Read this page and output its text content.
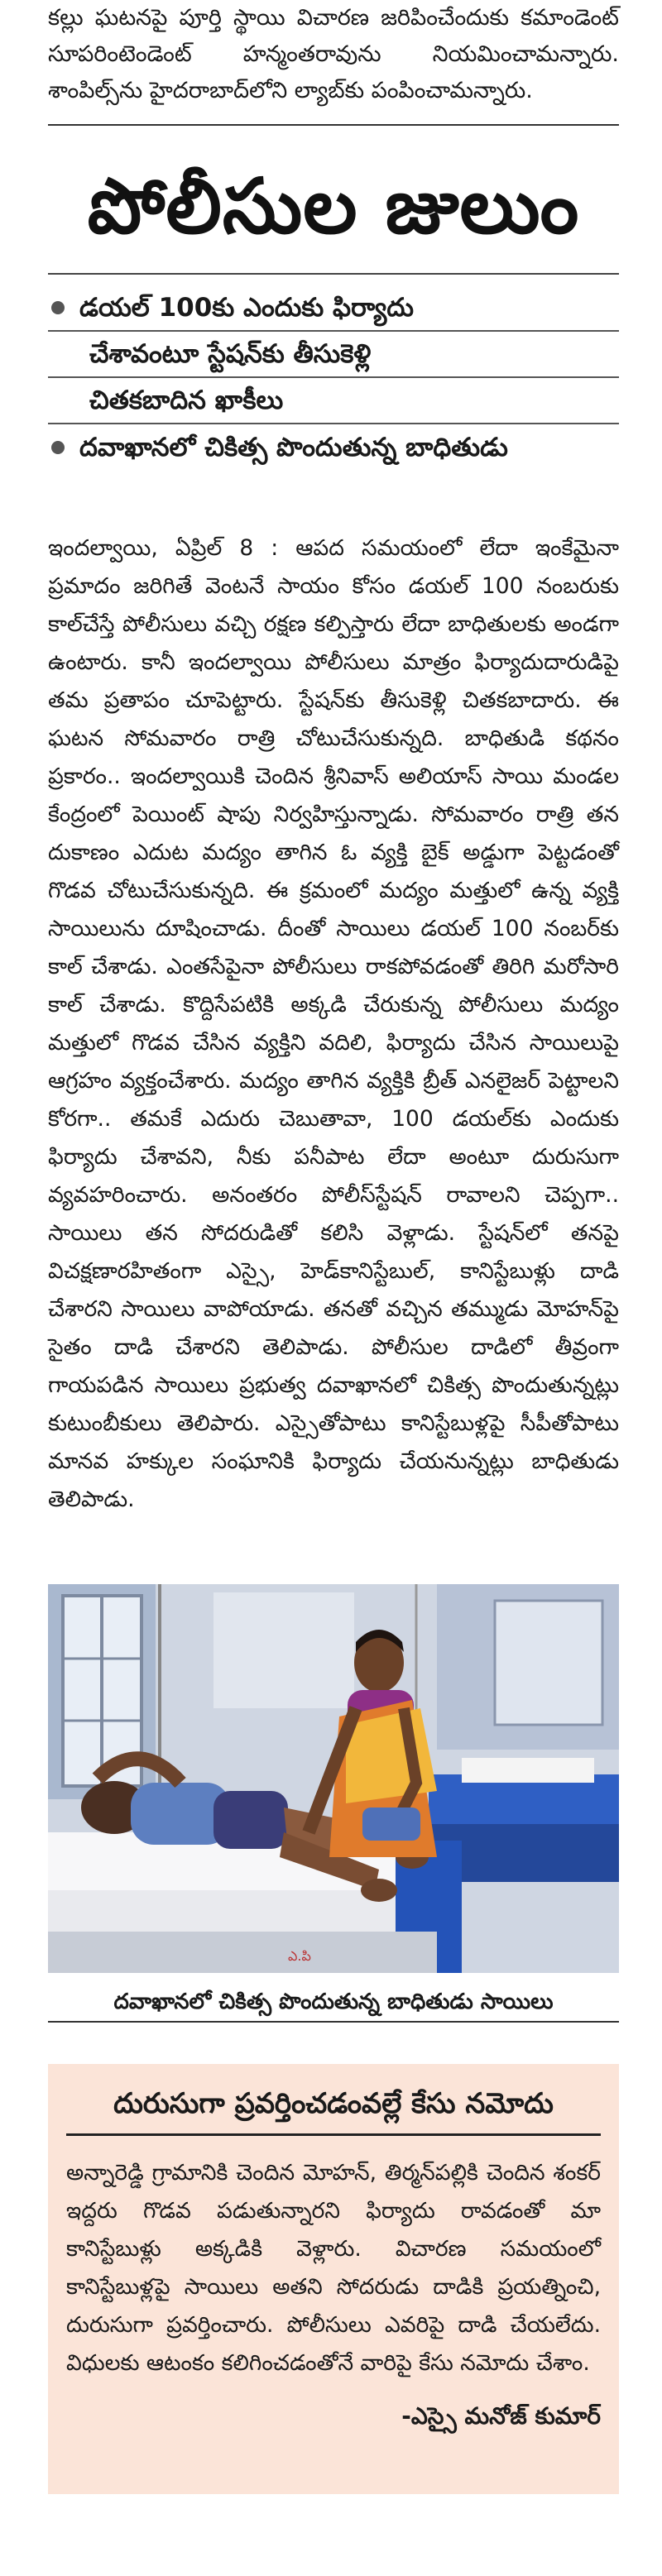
కల్లు ఘటనపై పూర్తి స్థాయి విచారణ జరిపించేందుకు కమాండెంట్ సూపరింటెండెంట్ హన్మంతరావును నియమించామన్నారు. శాంపిల్స్‌ను హైదరాబాద్‌లోని ల్యాబ్‌కు పంపించామన్నారు.
పోలీసుల జులుం
డయల్ 100కు ఎందుకు ఫిర్యాదు
చేశావంటూ స్టేషన్‌కు తీసుకెళ్లి
చితకబాదిన ఖాకీలు
దవాఖానలో చికిత్స పొందుతున్న బాధితుడు

ఇందల్వాయి, ఏప్రిల్ 8 : ఆపద సమయంలో లేదా ఇంకేమైనా ప్రమాదం జరిగితే వెంటనే సాయం కోసం డయల్ 100 నంబరుకు కాల్‌చేస్తే పోలీసులు వచ్చి రక్షణ కల్పిస్తారు లేదా బాధితులకు అండగా ఉంటారు. కానీ ఇందల్వాయి పోలీసులు మాత్రం ఫిర్యాదుదారుడిపై తమ ప్రతాపం చూపెట్టారు. స్టేషన్‌కు తీసుకెళ్లి చితకబాదారు. ఈ ఘటన సోమవారం రాత్రి చోటుచేసుకున్నది. బాధితుడి కథనం ప్రకారం.. ఇందల్వాయికి చెందిన శ్రీనివాస్ అలియాస్ సాయి మండల కేంద్రంలో పెయింట్ షాపు నిర్వహిస్తున్నాడు. సోమవారం రాత్రి తన దుకాణం ఎదుట మద్యం తాగిన ఓ వ్యక్తి బైక్ అడ్డుగా పెట్టడంతో గొడవ చోటుచేసుకున్నది. ఈ క్రమంలో మద్యం మత్తులో ఉన్న వ్యక్తి సాయిలును దూషించాడు. దీంతో సాయిలు డయల్ 100 నంబర్‌కు కాల్ చేశాడు. ఎంతసేపైనా పోలీసులు రాకపోవడంతో తిరిగి మరోసారి కాల్ చేశాడు. కొద్దిసేపటికి అక్కడి చేరుకున్న పోలీసులు మద్యం మత్తులో గొడవ చేసిన వ్యక్తిని వదిలి, ఫిర్యాదు చేసిన సాయిలుపై ఆగ్రహం వ్యక్తంచేశారు. మద్యం తాగిన వ్యక్తికి బ్రీత్ ఎనలైజర్ పెట్టాలని కోరగా.. తమకే ఎదురు చెబుతావా, 100 డయల్‌కు ఎందుకు ఫిర్యాదు చేశావని, నీకు పనీపాట లేదా అంటూ దురుసుగా వ్యవహరించారు. అనంతరం పోలీస్‌స్టేషన్ రావాలని చెప్పగా.. సాయిలు తన సోదరుడితో కలిసి వెళ్లాడు. స్టేషన్‌లో తనపై విచక్షణారహితంగా ఎస్సై, హెడ్‌కానిస్టేబుల్, కానిస్టేబుళ్లు దాడి చేశారని సాయిలు వాపోయాడు. తనతో వచ్చిన తమ్ముడు మోహన్‌పై సైతం దాడి చేశారని తెలిపాడు. పోలీసుల దాడిలో తీవ్రంగా గాయపడిన సాయిలు ప్రభుత్వ దవాఖానలో చికిత్స పొందుతున్నట్లు కుటుంబీకులు తెలిపారు. ఎస్సైతోపాటు కానిస్టేబుళ్లపై సీపీతోపాటు మానవ హక్కుల సంఘానికి ఫిర్యాదు చేయనున్నట్లు బాధితుడు తెలిపాడు.

ఎ.పి
దవాఖానలో చికిత్స పొందుతున్న బాధితుడు సాయిలు
దురుసుగా ప్రవర్తించడంవల్లే కేసు నమోదు

అన్నారెడ్డి గ్రామానికి చెందిన మోహన్, తిర్మన్‌పల్లికి చెందిన శంకర్ ఇద్దరు గొడవ పడుతున్నారని ఫిర్యాదు రావడంతో మా కానిస్టేబుళ్లు అక్కడికి వెళ్లారు. విచారణ సమయంలో కానిస్టేబుళ్లపై సాయిలు అతని సోదరుడు దాడికి ప్రయత్నించి, దురుసుగా ప్రవర్తించారు. పోలీసులు ఎవరిపై దాడి చేయలేదు. విధులకు ఆటంకం కలిగించడంతోనే వారిపై కేసు నమోదు చేశాం.

-ఎస్సై మనోజ్ కుమార్
